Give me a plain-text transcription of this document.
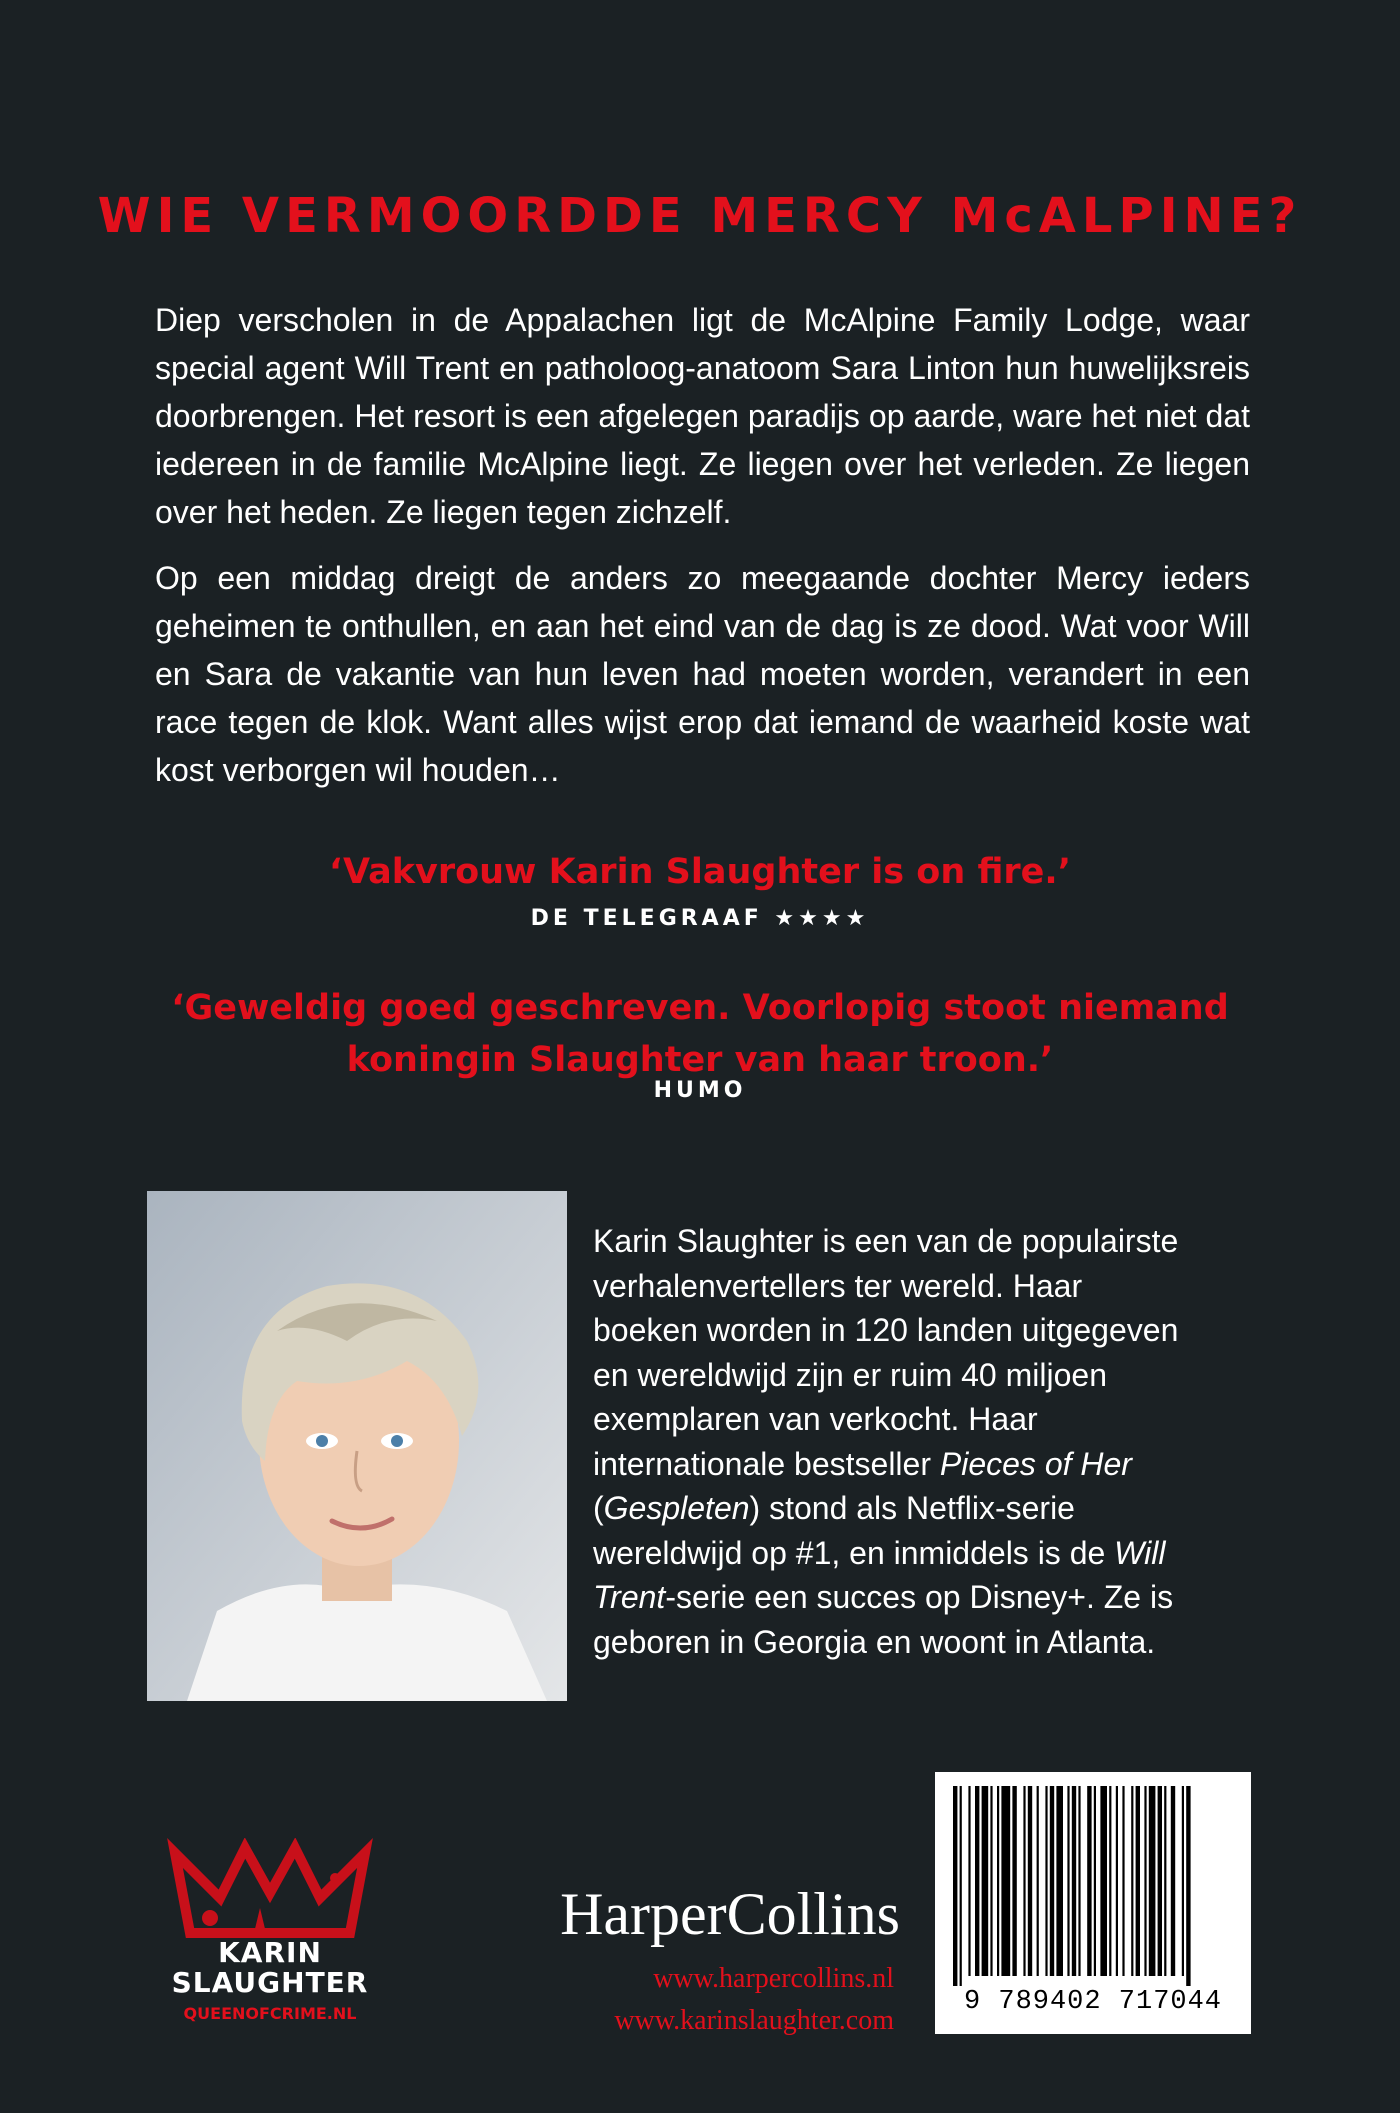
WIE VERMOORDDE MERCY McALPINE?

Diep verscholen in de Appalachen ligt de McAlpine Family Lodge, waar special agent Will Trent en patholoog-anatoom Sara Linton hun huwelijksreis doorbrengen. Het resort is een afgelegen paradijs op aarde, ware het niet dat iedereen in de familie McAlpine liegt. Ze liegen over het verleden. Ze liegen over het heden. Ze liegen tegen zichzelf.

Op een middag dreigt de anders zo meegaande dochter Mercy ieders geheimen te onthullen, en aan het eind van de dag is ze dood. Wat voor Will en Sara de vakantie van hun leven had moeten worden, verandert in een race tegen de klok. Want alles wijst erop dat iemand de waarheid koste wat kost verborgen wil houden…

‘Vakvrouw Karin Slaughter is on fire.’

DE TELEGRAAF ★★★★

‘Geweldig goed geschreven. Voorlopig stoot niemand koningin Slaughter van haar troon.’

HUMO

Karin Slaughter is een van de populairste verhalenvertellers ter wereld. Haar boeken worden in 120 landen uitgegeven en wereldwijd zijn er ruim 40 miljoen exemplaren van verkocht. Haar internationale bestseller Pieces of Her (Gespleten) stond als Netflix-serie wereldwijd op #1, en inmiddels is de Will Trent-serie een succes op Disney+. Ze is geboren in Georgia en woont in Atlanta.

KARIN

SLAUGHTER

QUEENOFCRIME.NL

HarperCollins

www.harpercollins.nl

www.karinslaughter.com

9 789402 717044
